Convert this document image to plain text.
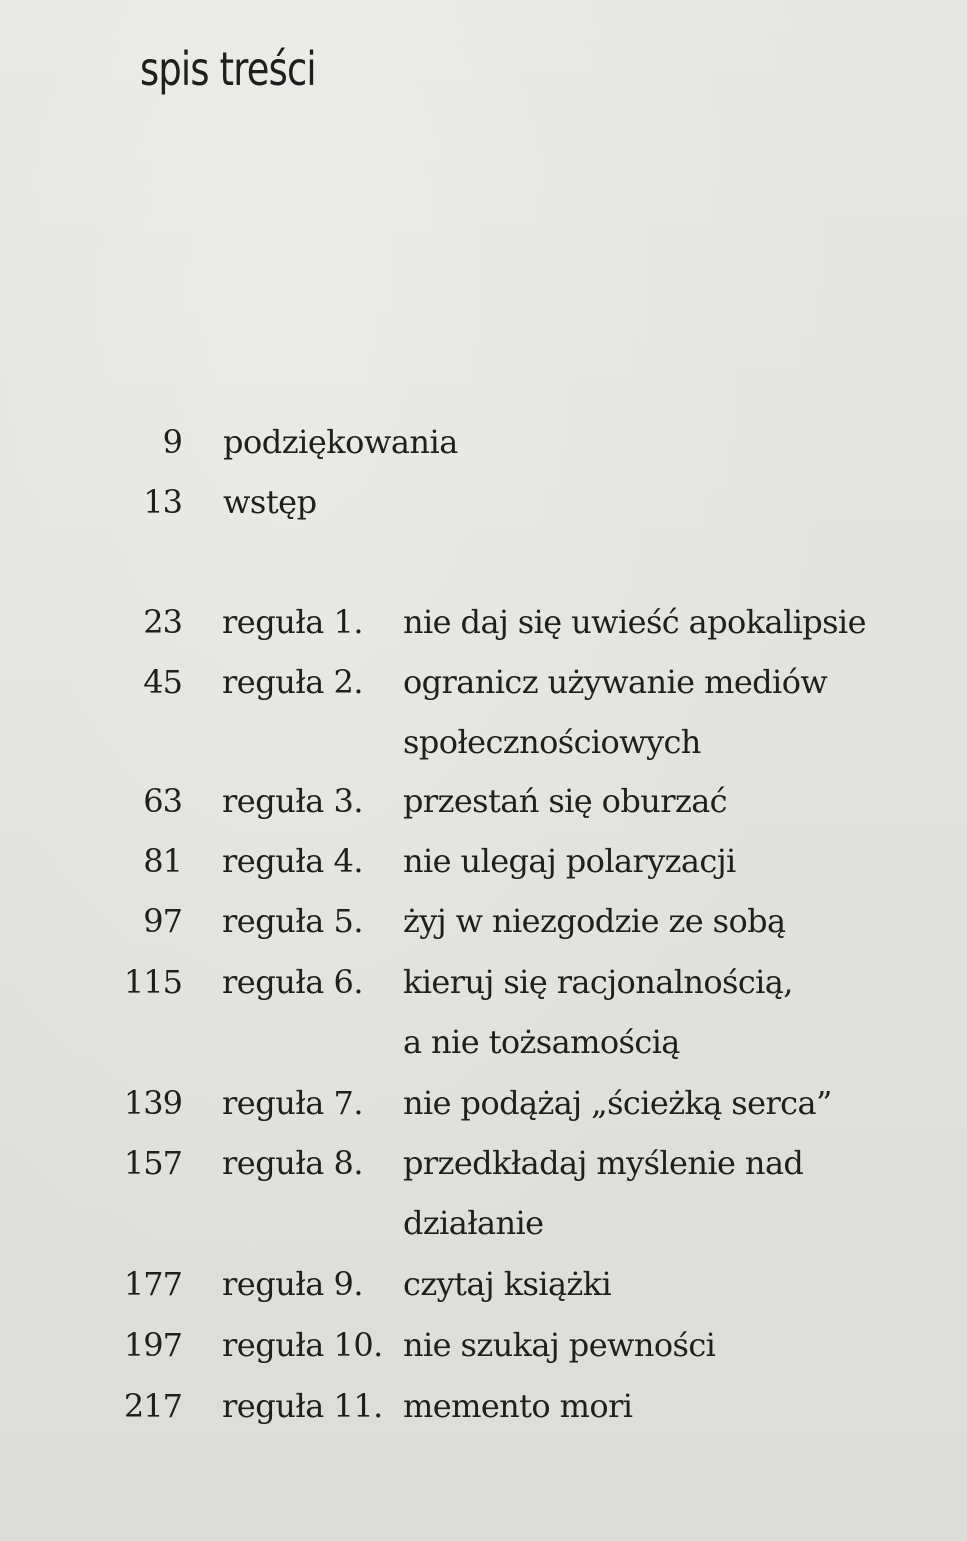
spis treści
9 podziękowania
13 wstęp
23 reguła 1. nie daj się uwieść apokalipsie
45 reguła 2. ogranicz używanie mediów
społecznościowych
63 reguła 3. przestań się oburzać
81 reguła 4. nie ulegaj polaryzacji
97 reguła 5. żyj w niezgodzie ze sobą
115 reguła 6. kieruj się racjonalnością,
a nie tożsamością
139 reguła 7. nie podążaj „ścieżką serca”
157 reguła 8. przedkładaj myślenie nad
działanie
177 reguła 9. czytaj książki
197 reguła 10. nie szukaj pewności
217 reguła 11. memento mori
